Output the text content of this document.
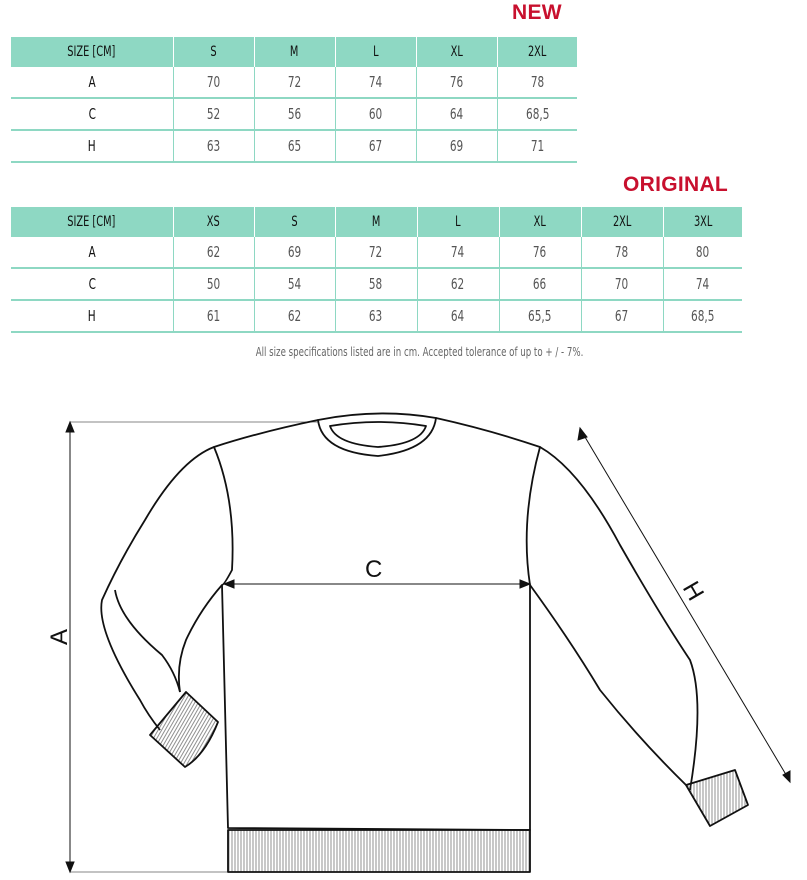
NEW
SIZE [CM]	S	M	L	XL	2XL
A	70	72	74	76	78
C	52	56	60	64	68,5
H	63	65	67	69	71
ORIGINAL
SIZE [CM]	XS	S	M	L	XL	2XL	3XL
A	62	69	72	74	76	78	80
C	50	54	58	62	66	70	74
H	61	62	63	64	65,5	67	68,5
All size specifications listed are in cm. Accepted tolerance of up to + / - 7%.
A
C
H
